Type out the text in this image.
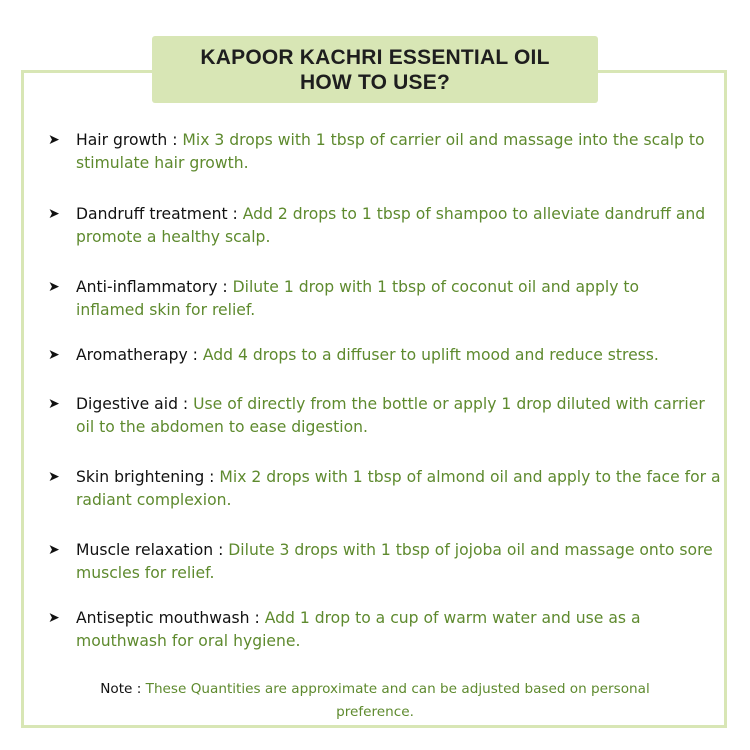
KAPOOR KACHRI ESSENTIAL OIL
HOW TO USE?
➤ Hair growth : Mix 3 drops with 1 tbsp of carrier oil and massage into the scalp to stimulate hair growth.
➤ Dandruff treatment : Add 2 drops to 1 tbsp of shampoo to alleviate dandruff and promote a healthy scalp.
➤ Anti-inflammatory : Dilute 1 drop with 1 tbsp of coconut oil and apply to inflamed skin for relief.
➤ Aromatherapy : Add 4 drops to a diffuser to uplift mood and reduce stress.
➤ Digestive aid : Use of directly from the bottle or apply 1 drop diluted with carrier oil to the abdomen to ease digestion.
➤ Skin brightening : Mix 2 drops with 1 tbsp of almond oil and apply to the face for a radiant complexion.
➤ Muscle relaxation : Dilute 3 drops with 1 tbsp of jojoba oil and massage onto sore muscles for relief.
➤ Antiseptic mouthwash : Add 1 drop to a cup of warm water and use as a mouthwash for oral hygiene.
Note : These Quantities are approximate and can be adjusted based on personal preference.
